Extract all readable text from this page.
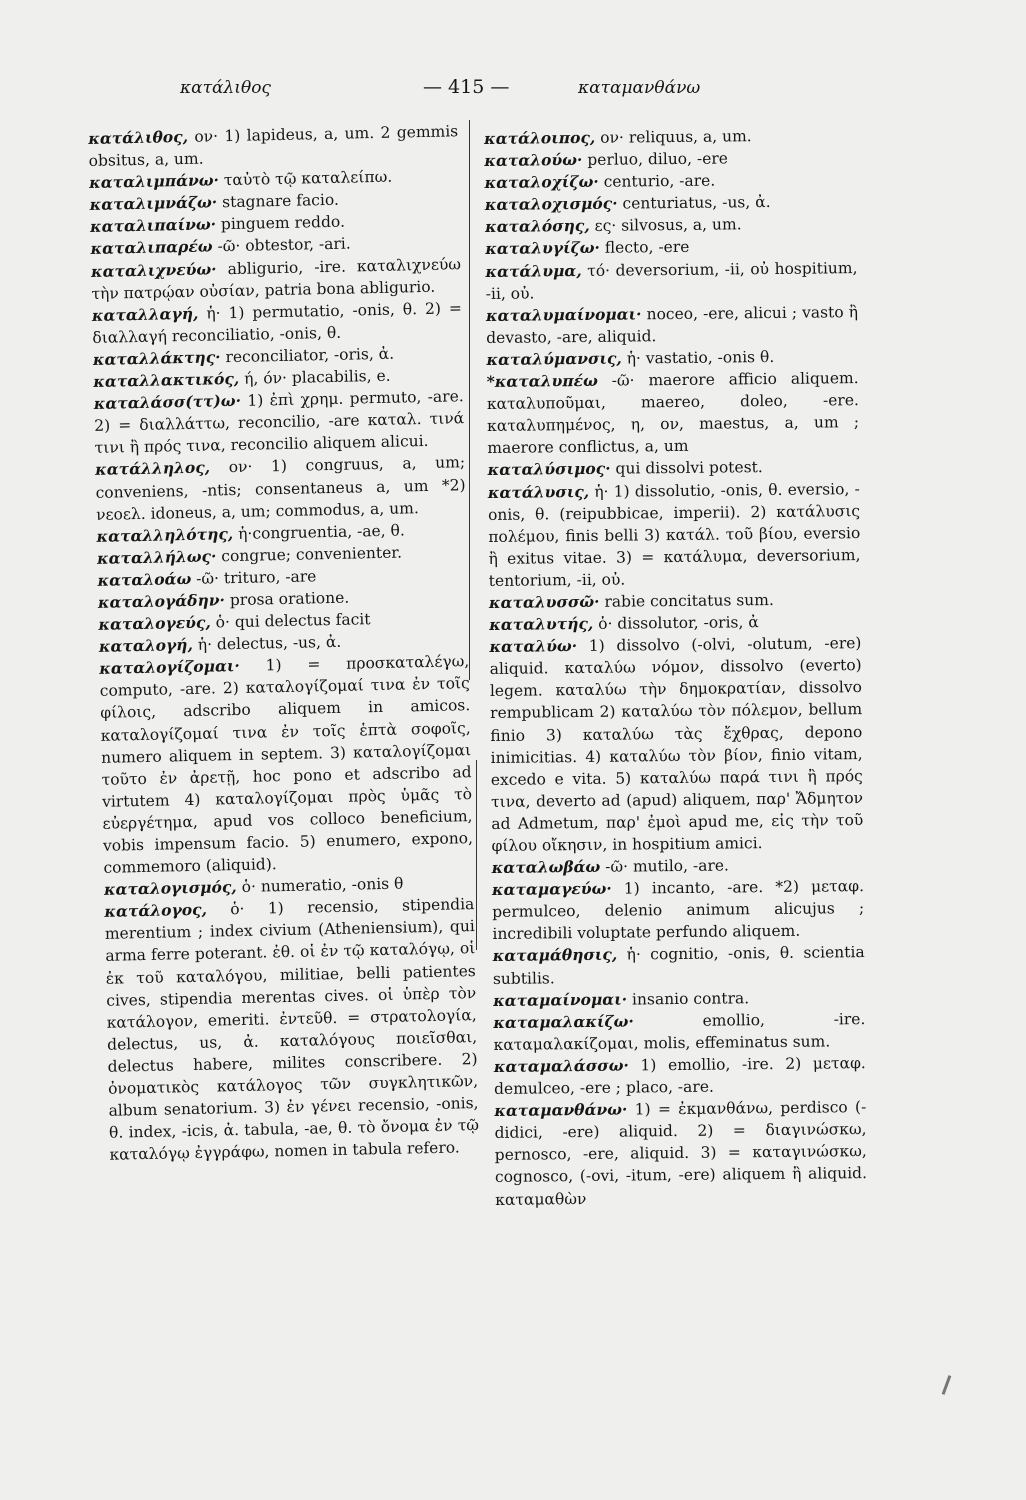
κατάλιθος	— 415 —	καταμανθάνω

κατάλιθος, ον· 1) lapideus, a, um. 2 gemmis obsitus, a, um.

καταλιμπάνω· ταὐτὸ τῷ καταλείπω.

καταλιμνάζω· stagnare facio.

καταλιπαίνω· pinguem reddo.

καταλιπαρέω -ῶ· obtestor, -ari.

καταλιχνεύω· abligurio, -ire. καταλιχνεύω τὴν πατρῴαν οὐσίαν, patria bona abligurio.

καταλλαγή, ἡ· 1) permutatio, -onis, θ. 2) = διαλλαγή reconciliatio, -onis, θ.

καταλλάκτης· reconciliator, -oris, ἀ.

καταλλακτικός, ή, όν· placabilis, e.

καταλάσσ(ττ)ω· 1) ἐπὶ χρημ. permuto, -are. 2) = διαλλάττω, reconcilio, -are καταλ. τινά τινι ἢ πρός τινα, reconcilio aliquem alicui.

κατάλληλος, ον· 1) congruus, a, um; conveniens, -ntis; consentaneus a, um *2) νεοελ. idoneus, a, um; commodus, a, um.

καταλληλότης, ἡ·congruentia, -ae, θ.

καταλλήλως· congrue; convenienter.

καταλοάω -ῶ· trituro, -are

καταλογάδην· prosa oratione.

καταλογεύς, ὁ· qui delectus facit

καταλογή, ἡ· delectus, -us, ἀ.

καταλογίζομαι· 1) = προσκαταλέγω, computo, -are. 2) καταλογίζομαί τινα ἐν τοῖς φίλοις, adscribo aliquem in amicos. καταλογίζομαί τινα ἐν τοῖς ἑπτὰ σοφοῖς, numero aliquem in septem. 3) καταλογίζομαι τοῦτο ἐν ἀρετῇ, hoc pono et adscribo ad virtutem 4) καταλογίζομαι πρὸς ὑμᾶς τὸ εὐεργέτημα, apud vos colloco beneficium, vobis impensum facio. 5) enumero, expono, commemoro (aliquid).

καταλογισμός, ὁ· numeratio, -onis θ

κατάλογος, ὁ· 1) recensio, stipendia merentium ; index civium (Atheniensium), qui arma ferre poterant. ἐθ. οἱ ἐν τῷ καταλόγῳ, οἱ ἐκ τοῦ καταλόγου, militiae, belli patientes cives, stipendia merentas cives. οἱ ὑπὲρ τὸν κατάλογον, emeriti. ἐντεῦθ. = στρατολογία, delectus, us, ἀ. καταλόγους ποιεῖσθαι, delectus habere, milites conscribere. 2) ὀνοματικὸς κατάλογος τῶν συγκλητικῶν, album senatorium. 3) ἐν γένει recensio, -onis, θ. index, -icis, ἀ. tabula, -ae, θ. τὸ ὄνομα ἐν τῷ καταλόγῳ ἐγγράφω, nomen in tabula refero.

κατάλοιπος, ον· reliquus, a, um.

καταλούω· perluo, diluo, -ere

καταλοχίζω· centurio, -are.

καταλοχισμός· centuriatus, -us, ἀ.

καταλόσης, ες· silvosus, a, um.

καταλυγίζω· flecto, -ere

κατάλυμα, τό· deversorium, -ii, οὐ hospitium, -ii, οὐ.

καταλυμαίνομαι· noceo, -ere, alicui ; vasto ἢ devasto, -are, aliquid.

καταλύμανσις, ἡ· vastatio, -onis θ.

*καταλυπέω -ῶ· maerore afficio aliquem. καταλυποῦμαι, maereo, doleo, -ere. καταλυπημένος, η, ον, maestus, a, um ; maerore conflictus, a, um

καταλύσιμος· qui dissolvi potest.

κατάλυσις, ἡ· 1) dissolutio, -onis, θ. eversio, -onis, θ. (reipubbicae, imperii). 2) κατάλυσις πολέμου, finis belli 3) κατάλ. τοῦ βίου, eversio ἢ exitus vitae. 3) = κατάλυμα, deversorium, tentorium, -ii, οὐ.

καταλυσσῶ· rabie concitatus sum.

καταλυτής, ὁ· dissolutor, -oris, ἀ

καταλύω· 1) dissolvo (-olvi, -olutum, -ere) aliquid. καταλύω νόμον, dissolvo (everto) legem. καταλύω τὴν δημοκρατίαν, dissolvo rempublicam 2) καταλύω τὸν πόλεμον, bellum finio 3) καταλύω τὰς ἔχθρας, depono inimicitias. 4) καταλύω τὸν βίον, finio vitam, excedo e vita. 5) καταλύω παρά τινι ἢ πρός τινα, deverto ad (apud) aliquem, παρ' Ἄδμητον ad Admetum, παρ' ἐμοὶ apud me, εἰς τὴν τοῦ φίλου οἴκησιν, in hospitium amici.

καταλωβάω -ῶ· mutilo, -are.

καταμαγεύω· 1) incanto, -are. *2) μεταφ. permulceo, delenio animum alicujus ; incredibili voluptate perfundo aliquem.

καταμάθησις, ἡ· cognitio, -onis, θ. scientia subtilis.

καταμαίνομαι· insanio contra.

καταμαλακίζω·	emollio, -ire. καταμαλακίζομαι, molis, effeminatus sum.

καταμαλάσσω· 1) emollio, -ire. 2) μεταφ. demulceo, -ere ; placo, -are.

καταμανθάνω· 1) = ἐκμανθάνω, perdisco (-didici, -ere) aliquid. 2) = διαγινώσκω, pernosco, -ere, aliquid. 3) = καταγινώσκω, cognosco, (-ovi, -itum, -ere) aliquem ἢ aliquid. καταμαθὼν
